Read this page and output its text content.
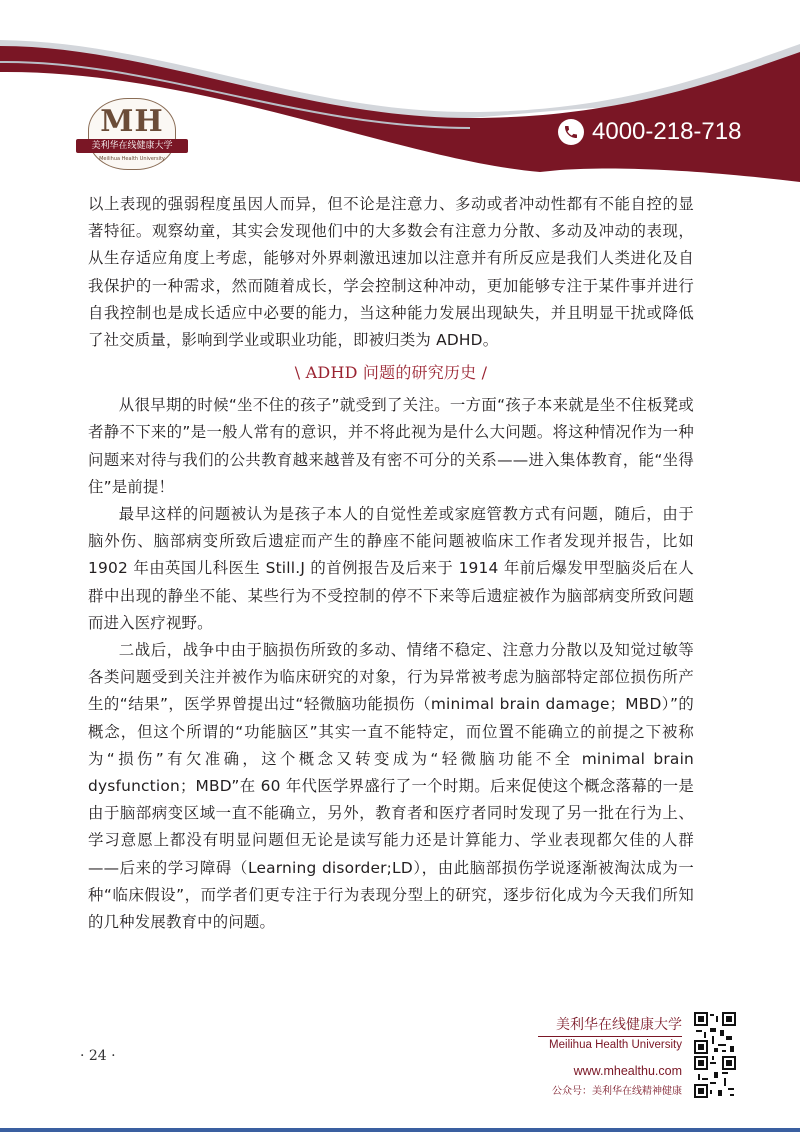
MH
美利华在线健康大学
Meilihua Health University
4000-218-718

以上表现的强弱程度虽因人而异，但不论是注意力、多动或者冲动性都有不能自控的显著特征。观察幼童，其实会发现他们中的大多数会有注意力分散、多动及冲动的表现，从生存适应角度上考虑，能够对外界刺激迅速加以注意并有所反应是我们人类进化及自我保护的一种需求，然而随着成长，学会控制这种冲动，更加能够专注于某件事并进行自我控制也是成长适应中必要的能力，当这种能力发展出现缺失，并且明显干扰或降低了社交质量，影响到学业或职业功能，即被归类为 ADHD。

\ ADHD 问题的研究历史 /

从很早期的时候“坐不住的孩子”就受到了关注。一方面“孩子本来就是坐不住板凳或者静不下来的”是一般人常有的意识，并不将此视为是什么大问题。将这种情况作为一种问题来对待与我们的公共教育越来越普及有密不可分的关系——进入集体教育，能“坐得住”是前提！

最早这样的问题被认为是孩子本人的自觉性差或家庭管教方式有问题，随后，由于脑外伤、脑部病变所致后遗症而产生的静座不能问题被临床工作者发现并报告，比如 1902 年由英国儿科医生 Still.J 的首例报告及后来于 1914 年前后爆发甲型脑炎后在人群中出现的静坐不能、某些行为不受控制的停不下来等后遗症被作为脑部病变所致问题而进入医疗视野。

二战后，战争中由于脑损伤所致的多动、情绪不稳定、注意力分散以及知觉过敏等各类问题受到关注并被作为临床研究的对象，行为异常被考虑为脑部特定部位损伤所产生的“结果”，医学界曾提出过“轻微脑功能损伤（minimal brain damage；MBD）”的概念，但这个所谓的“功能脑区”其实一直不能特定，而位置不能确立的前提之下被称为“损伤”有欠准确，这个概念又转变成为“轻微脑功能不全 minimal brain dysfunction；MBD”在 60 年代医学界盛行了一个时期。后来促使这个概念落幕的一是由于脑部病变区域一直不能确立，另外，教育者和医疗者同时发现了另一批在行为上、学习意愿上都没有明显问题但无论是读写能力还是计算能力、学业表现都欠佳的人群——后来的学习障碍（Learning disorder;LD），由此脑部损伤学说逐渐被淘汰成为一种“临床假设”，而学者们更专注于行为表现分型上的研究，逐步衍化成为今天我们所知的几种发展教育中的问题。

· 24 ·
美利华在线健康大学
Meilihua Health University
www.mhealthu.com
公众号：美利华在线精神健康
